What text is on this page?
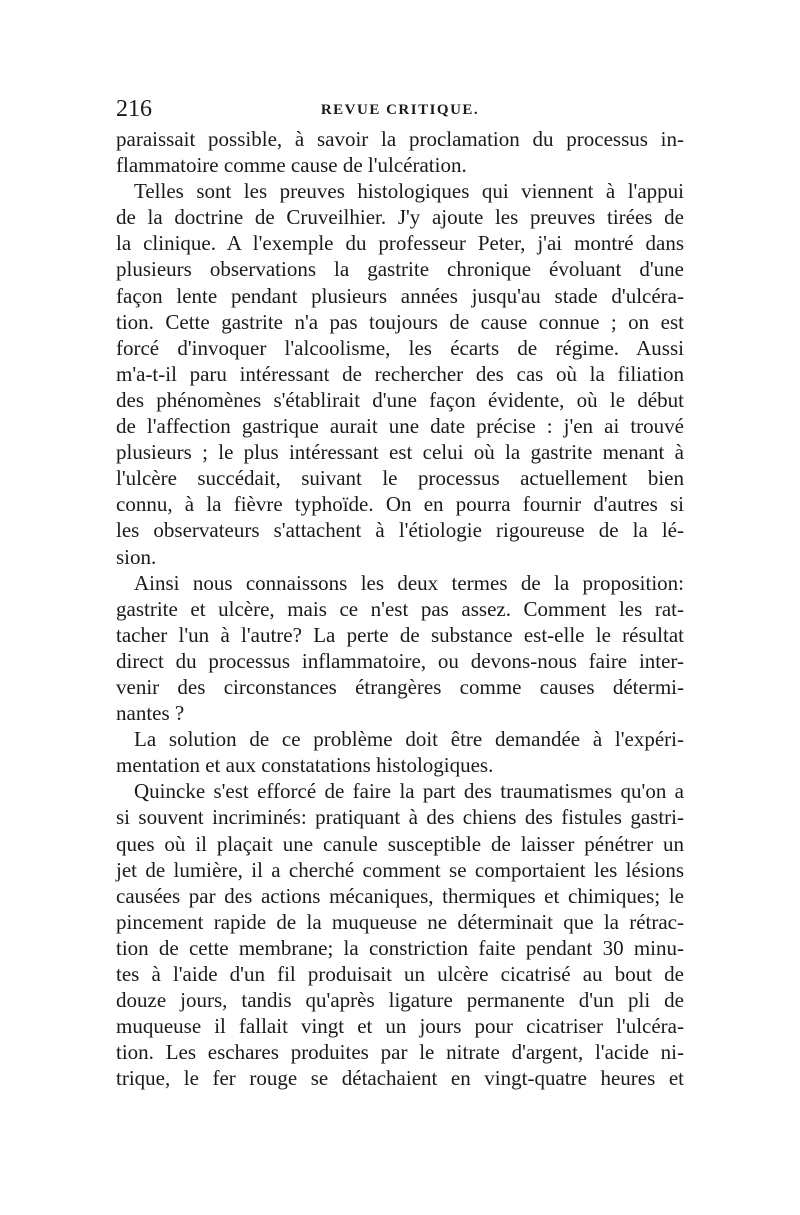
216	REVUE CRITIQUE.
paraissait possible, à savoir la proclamation du processus in-
flammatoire comme cause de l'ulcération.
Telles sont les preuves histologiques qui viennent à l'appui
de la doctrine de Cruveilhier. J'y ajoute les preuves tirées de
la clinique. A l'exemple du professeur Peter, j'ai montré dans
plusieurs observations la gastrite chronique évoluant d'une
façon lente pendant plusieurs années jusqu'au stade d'ulcéra-
tion. Cette gastrite n'a pas toujours de cause connue ; on est
forcé d'invoquer l'alcoolisme, les écarts de régime. Aussi
m'a-t-il paru intéressant de rechercher des cas où la filiation
des phénomènes s'établirait d'une façon évidente, où le début
de l'affection gastrique aurait une date précise : j'en ai trouvé
plusieurs ; le plus intéressant est celui où la gastrite menant à
l'ulcère succédait, suivant le processus actuellement bien
connu, à la fièvre typhoïde. On en pourra fournir d'autres si
les observateurs s'attachent à l'étiologie rigoureuse de la lé-
sion.
Ainsi nous connaissons les deux termes de la proposition:
gastrite et ulcère, mais ce n'est pas assez. Comment les rat-
tacher l'un à l'autre? La perte de substance est-elle le résultat
direct du processus inflammatoire, ou devons-nous faire inter-
venir des circonstances étrangères comme causes détermi-
nantes ?
La solution de ce problème doit être demandée à l'expéri-
mentation et aux constatations histologiques.
Quincke s'est efforcé de faire la part des traumatismes qu'on a
si souvent incriminés: pratiquant à des chiens des fistules gastri-
ques où il plaçait une canule susceptible de laisser pénétrer un
jet de lumière, il a cherché comment se comportaient les lésions
causées par des actions mécaniques, thermiques et chimiques; le
pincement rapide de la muqueuse ne déterminait que la rétrac-
tion de cette membrane; la constriction faite pendant 30 minu-
tes à l'aide d'un fil produisait un ulcère cicatrisé au bout de
douze jours, tandis qu'après ligature permanente d'un pli de
muqueuse il fallait vingt et un jours pour cicatriser l'ulcéra-
tion. Les eschares produites par le nitrate d'argent, l'acide ni-
trique, le fer rouge se détachaient en vingt-quatre heures et
